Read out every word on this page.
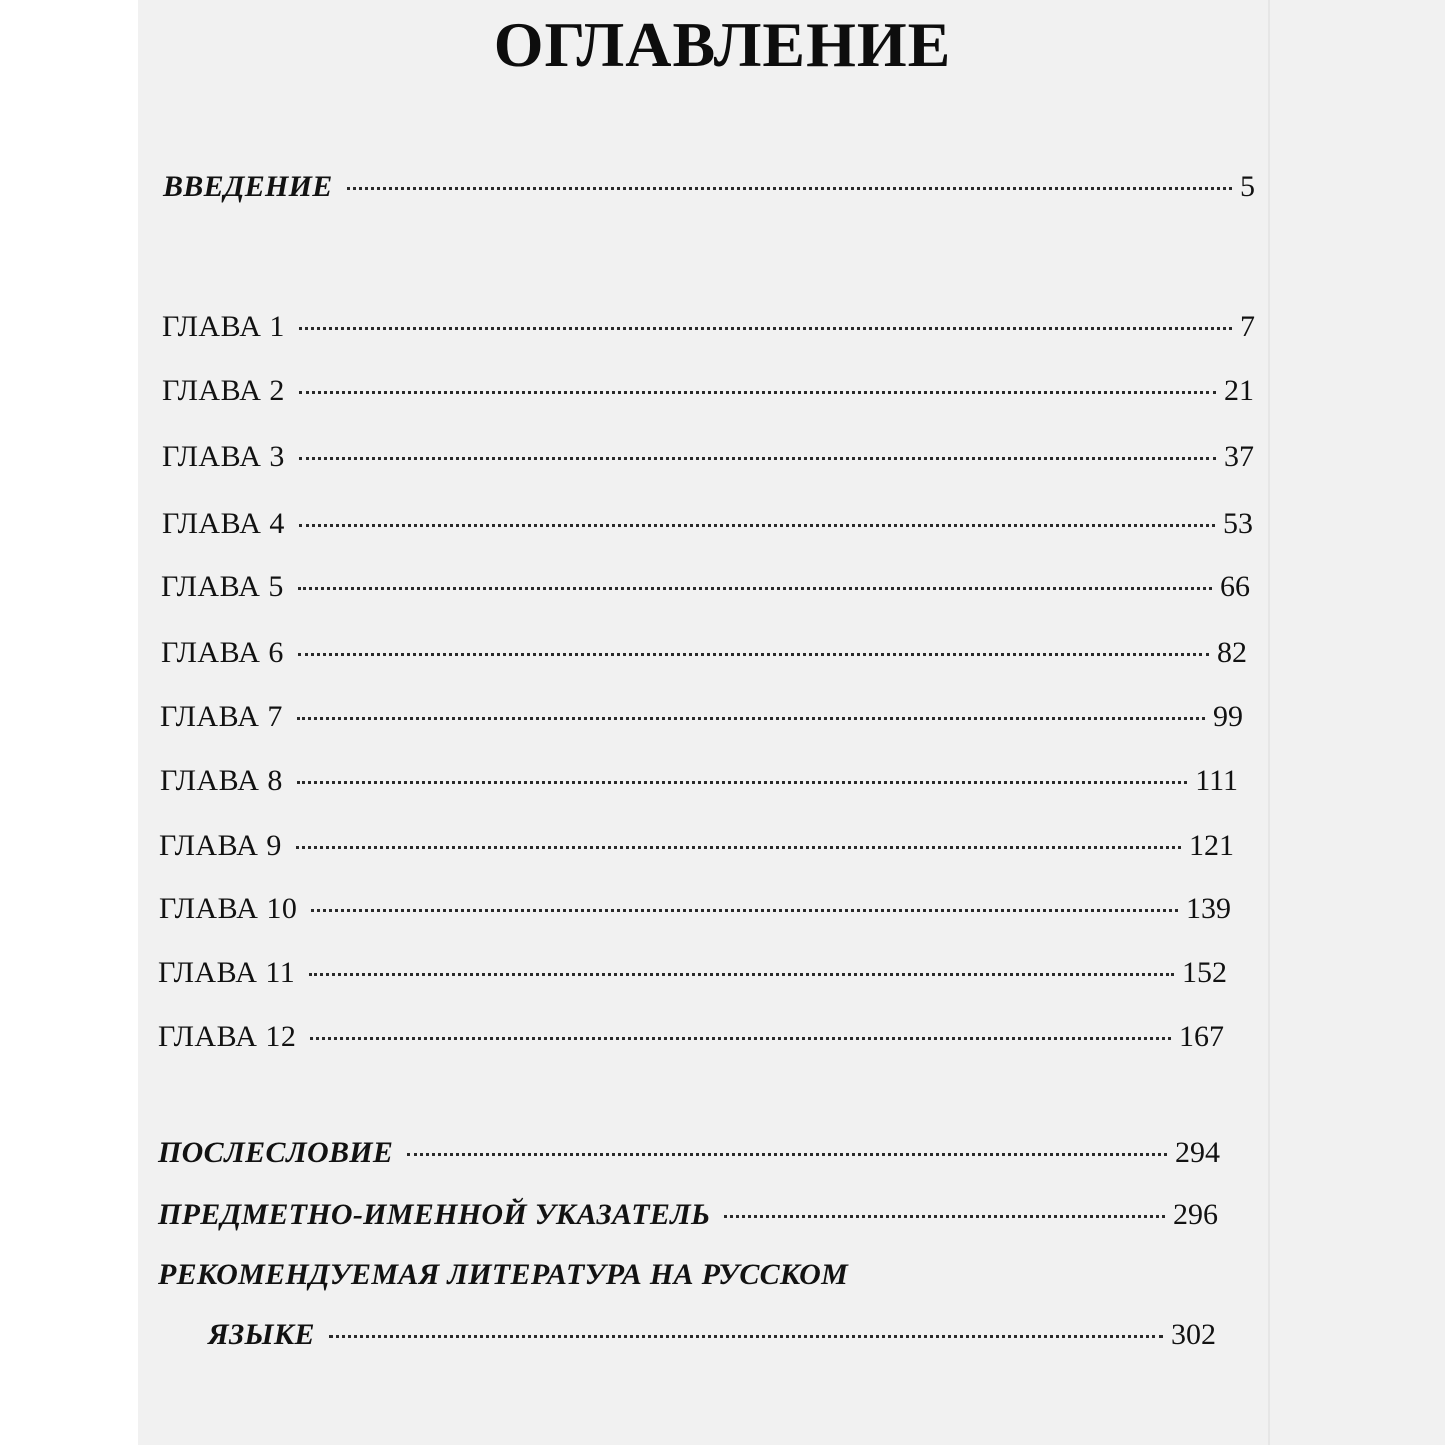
ОГЛАВЛЕНИЕ
ВВЕДЕНИЕ	5
ГЛАВА 1	7
ГЛАВА 2	21
ГЛАВА 3	37
ГЛАВА 4	53
ГЛАВА 5	66
ГЛАВА 6	82
ГЛАВА 7	99
ГЛАВА 8	111
ГЛАВА 9	121
ГЛАВА 10	139
ГЛАВА 11	152
ГЛАВА 12	167
ПОСЛЕСЛОВИЕ	294
ПРЕДМЕТНО-ИМЕННОЙ УКАЗАТЕЛЬ	296
РЕКОМЕНДУЕМАЯ ЛИТЕРАТУРА НА РУССКОМ
ЯЗЫКЕ	302
